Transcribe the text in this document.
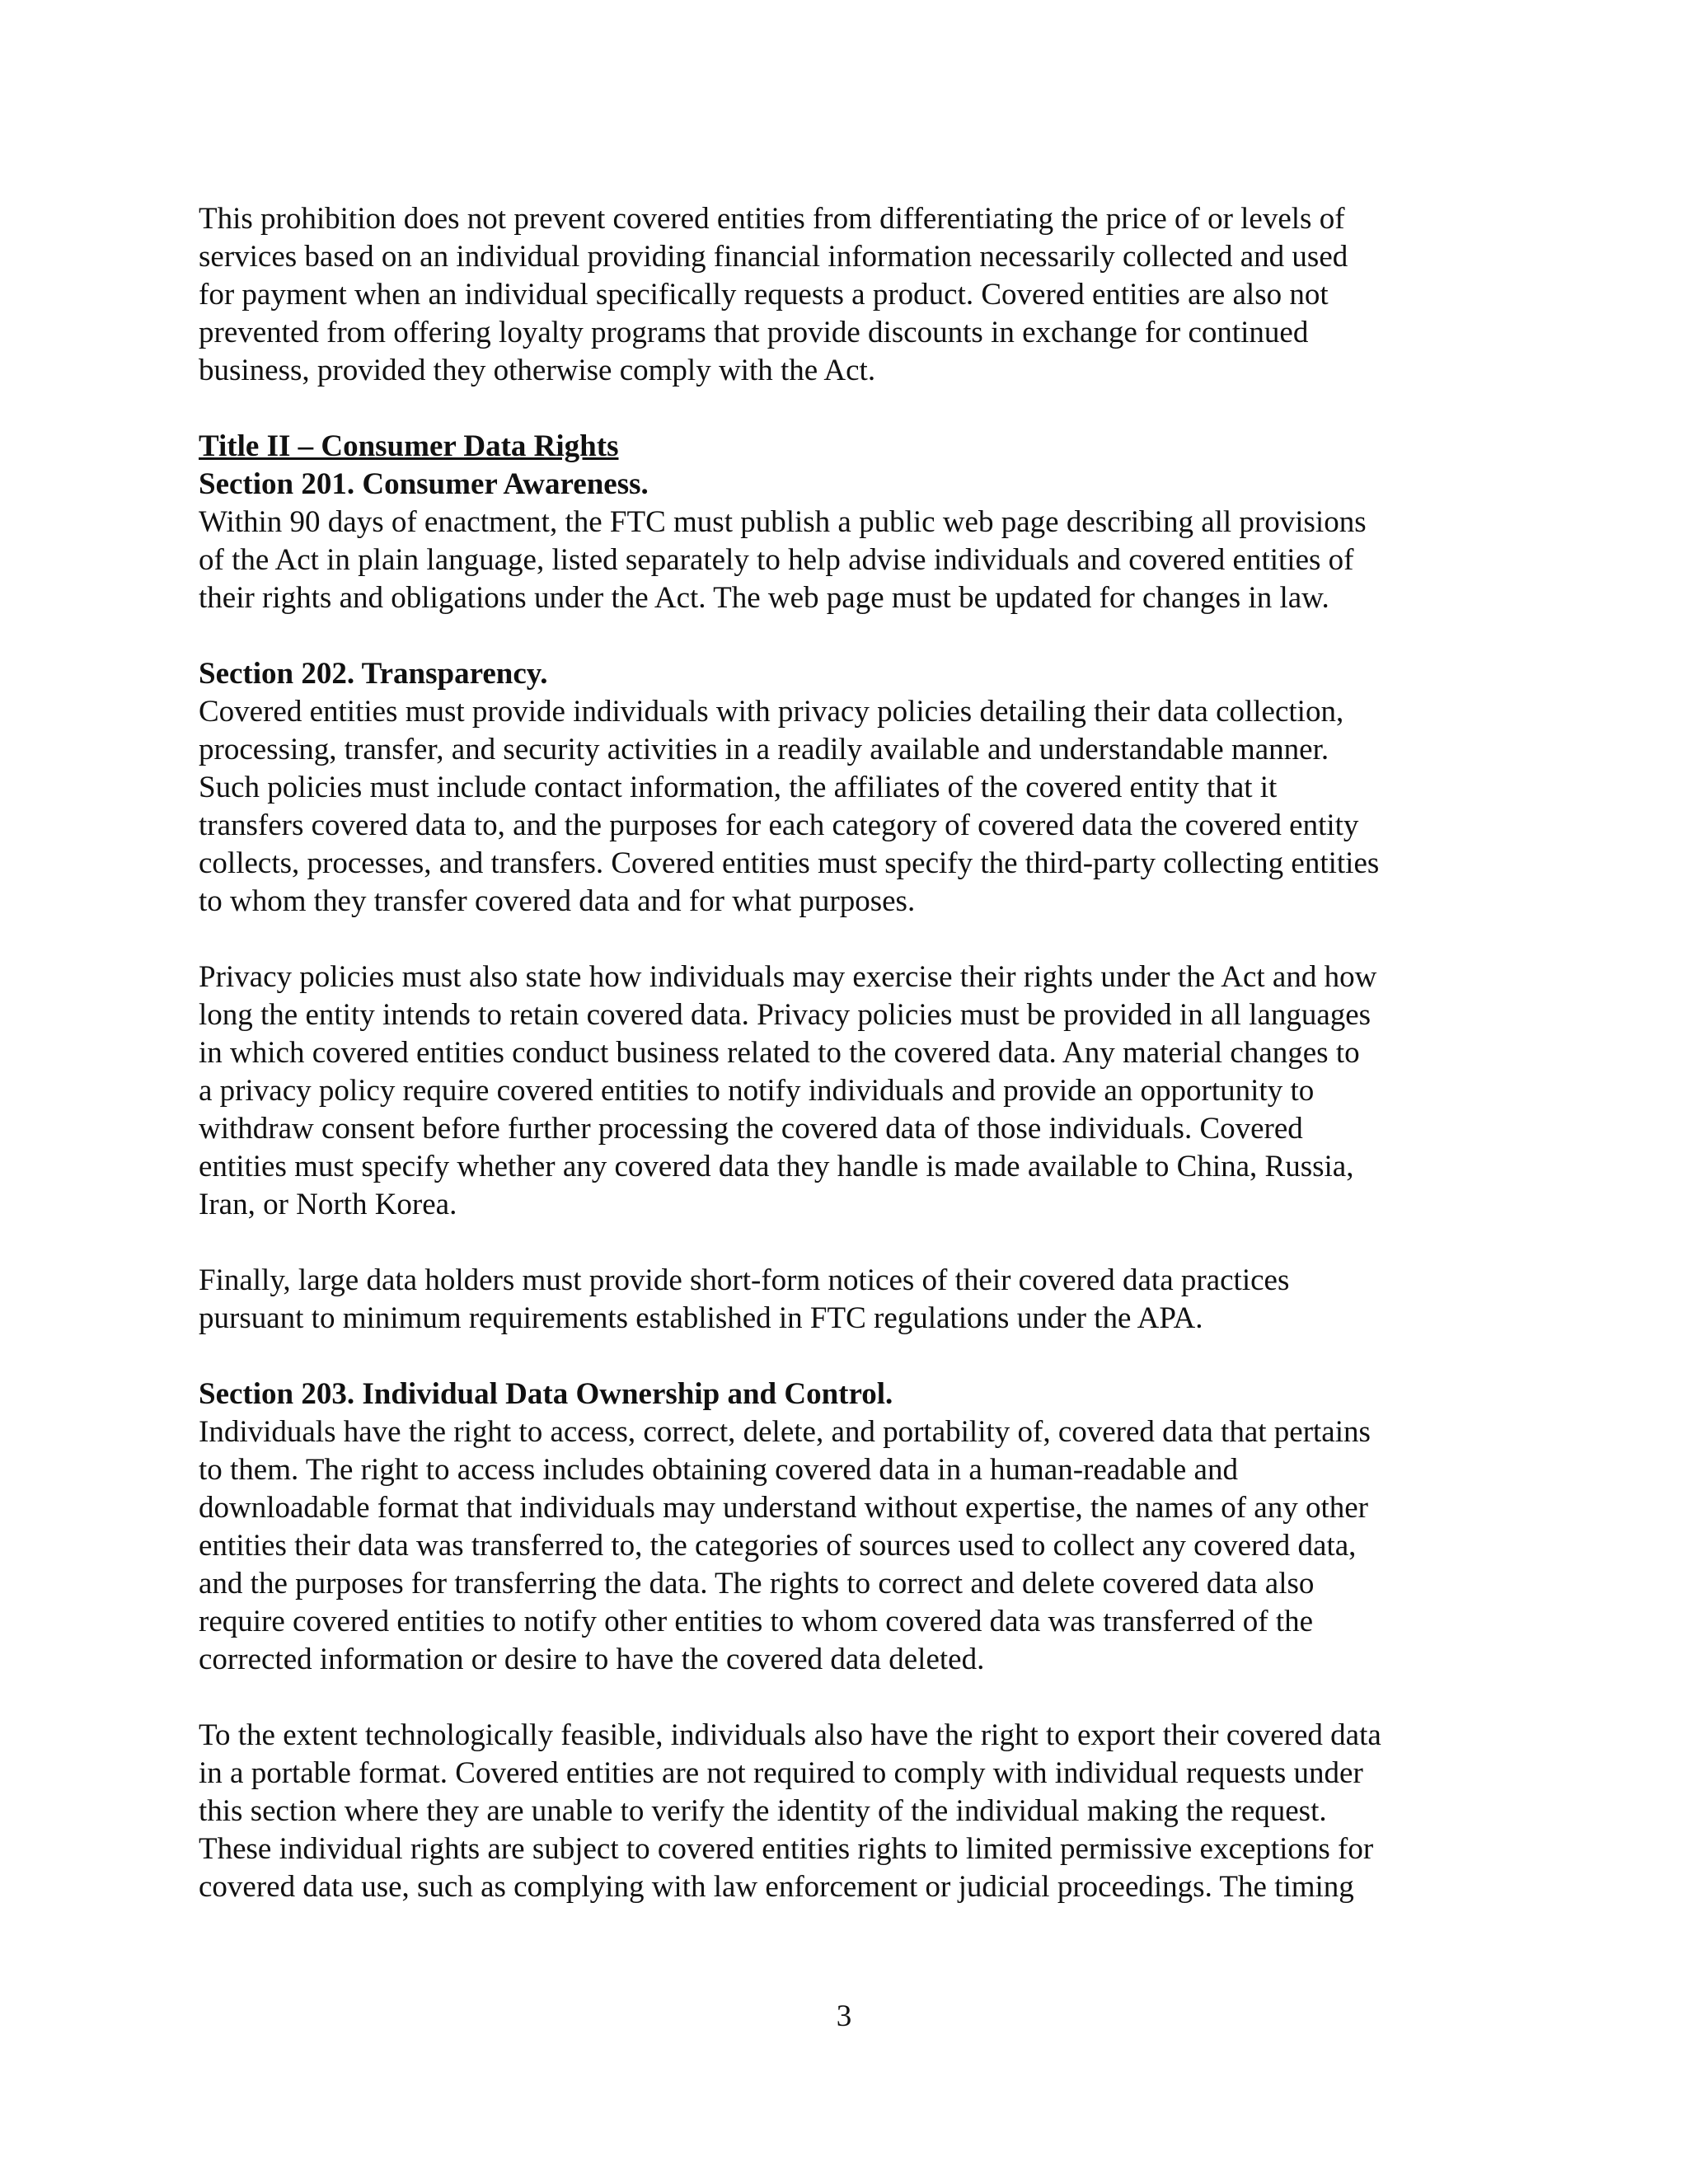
This prohibition does not prevent covered entities from differentiating the price of or levels of
services based on an individual providing financial information necessarily collected and used
for payment when an individual specifically requests a product. Covered entities are also not
prevented from offering loyalty programs that provide discounts in exchange for continued
business, provided they otherwise comply with the Act.

Title II – Consumer Data Rights
Section 201. Consumer Awareness.
Within 90 days of enactment, the FTC must publish a public web page describing all provisions
of the Act in plain language, listed separately to help advise individuals and covered entities of
their rights and obligations under the Act. The web page must be updated for changes in law.
Section 202. Transparency.
Covered entities must provide individuals with privacy policies detailing their data collection,
processing, transfer, and security activities in a readily available and understandable manner.
Such policies must include contact information, the affiliates of the covered entity that it
transfers covered data to, and the purposes for each category of covered data the covered entity
collects, processes, and transfers. Covered entities must specify the third-party collecting entities
to whom they transfer covered data and for what purposes.

Privacy policies must also state how individuals may exercise their rights under the Act and how
long the entity intends to retain covered data. Privacy policies must be provided in all languages
in which covered entities conduct business related to the covered data. Any material changes to
a privacy policy require covered entities to notify individuals and provide an opportunity to
withdraw consent before further processing the covered data of those individuals. Covered
entities must specify whether any covered data they handle is made available to China, Russia,
Iran, or North Korea.

Finally, large data holders must provide short-form notices of their covered data practices
pursuant to minimum requirements established in FTC regulations under the APA.

Section 203. Individual Data Ownership and Control.
Individuals have the right to access, correct, delete, and portability of, covered data that pertains
to them. The right to access includes obtaining covered data in a human-readable and
downloadable format that individuals may understand without expertise, the names of any other
entities their data was transferred to, the categories of sources used to collect any covered data,
and the purposes for transferring the data. The rights to correct and delete covered data also
require covered entities to notify other entities to whom covered data was transferred of the
corrected information or desire to have the covered data deleted.

To the extent technologically feasible, individuals also have the right to export their covered data
in a portable format. Covered entities are not required to comply with individual requests under
this section where they are unable to verify the identity of the individual making the request.
These individual rights are subject to covered entities rights to limited permissive exceptions for
covered data use, such as complying with law enforcement or judicial proceedings. The timing

3
